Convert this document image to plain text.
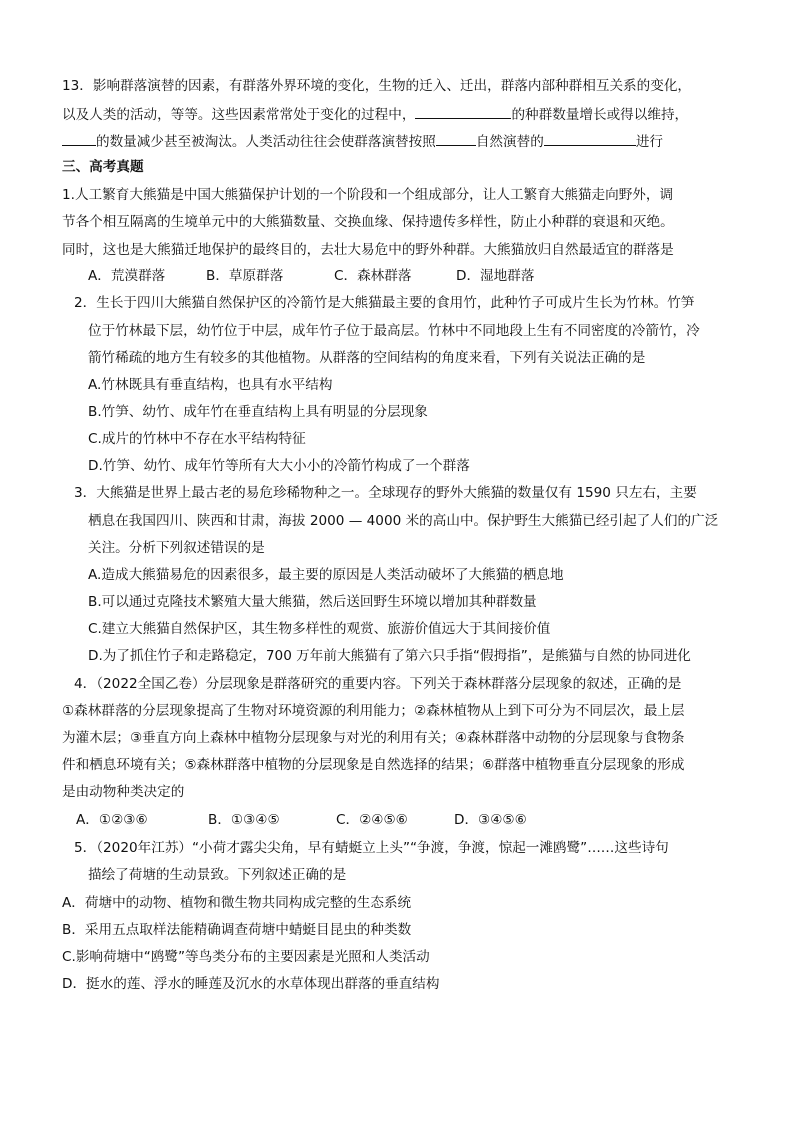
13．影响群落演替的因素，有群落外界环境的变化，生物的迁入、迁出，群落内部种群相互关系的变化，
以及人类的活动，等等。这些因素常常处于变化的过程中，	的种群数量增长或得以维持，
的数量减少甚至被淘汰。人类活动往往会使群落演替按照	自然演替的	进行
三、高考真题
1.人工繁育大熊猫是中国大熊猫保护计划的一个阶段和一个组成部分，让人工繁育大熊猫走向野外，调
节各个相互隔离的生境单元中的大熊猫数量、交换血缘、保持遗传多样性，防止小种群的衰退和灭绝。
同时，这也是大熊猫迁地保护的最终目的，去壮大易危中的野外种群。大熊猫放归自然最适宜的群落是
A．荒漠群落	B．草原群落	C．森林群落	D．湿地群落
2．生长于四川大熊猫自然保护区的冷箭竹是大熊猫最主要的食用竹，此种竹子可成片生长为竹林。竹笋
位于竹林最下层，幼竹位于中层，成年竹子位于最高层。竹林中不同地段上生有不同密度的冷箭竹，冷
箭竹稀疏的地方生有较多的其他植物。从群落的空间结构的角度来看，下列有关说法正确的是
A.竹林既具有垂直结构，也具有水平结构
B.竹笋、幼竹、成年竹在垂直结构上具有明显的分层现象
C.成片的竹林中不存在水平结构特征
D.竹笋、幼竹、成年竹等所有大大小小的冷箭竹构成了一个群落
3．大熊猫是世界上最古老的易危珍稀物种之一。全球现存的野外大熊猫的数量仅有 1590 只左右，主要
栖息在我国四川、陕西和甘肃，海拔 2000 — 4000 米的高山中。保护野生大熊猫已经引起了人们的广泛
关注。分析下列叙述错误的是
A.造成大熊猫易危的因素很多，最主要的原因是人类活动破坏了大熊猫的栖息地
B.可以通过克隆技术繁殖大量大熊猫，然后送回野生环境以增加其种群数量
C.建立大熊猫自然保护区，其生物多样性的观赏、旅游价值远大于其间接价值
D.为了抓住竹子和走路稳定，700 万年前大熊猫有了第六只手指“假拇指”，是熊猫与自然的协同进化
4．（2022全国乙卷）分层现象是群落研究的重要内容。下列关于森林群落分层现象的叙述，正确的是
①森林群落的分层现象提高了生物对环境资源的利用能力；②森林植物从上到下可分为不同层次，最上层
为灌木层；③垂直方向上森林中植物分层现象与对光的利用有关；④森林群落中动物的分层现象与食物条
件和栖息环境有关；⑤森林群落中植物的分层现象是自然选择的结果；⑥群落中植物垂直分层现象的形成
是由动物种类决定的
A．①②③⑥	B．①③④⑤	C．②④⑤⑥	D．③④⑤⑥
5．（2020年江苏）“小荷才露尖尖角，早有蜻蜓立上头”“争渡，争渡，惊起一滩鸥鹭”……这些诗句
描绘了荷塘的生动景致。下列叙述正确的是
A．荷塘中的动物、植物和微生物共同构成完整的生态系统
B．采用五点取样法能精确调查荷塘中蜻蜓目昆虫的种类数
C.影响荷塘中“鸥鹭”等鸟类分布的主要因素是光照和人类活动
D．挺水的莲、浮水的睡莲及沉水的水草体现出群落的垂直结构
